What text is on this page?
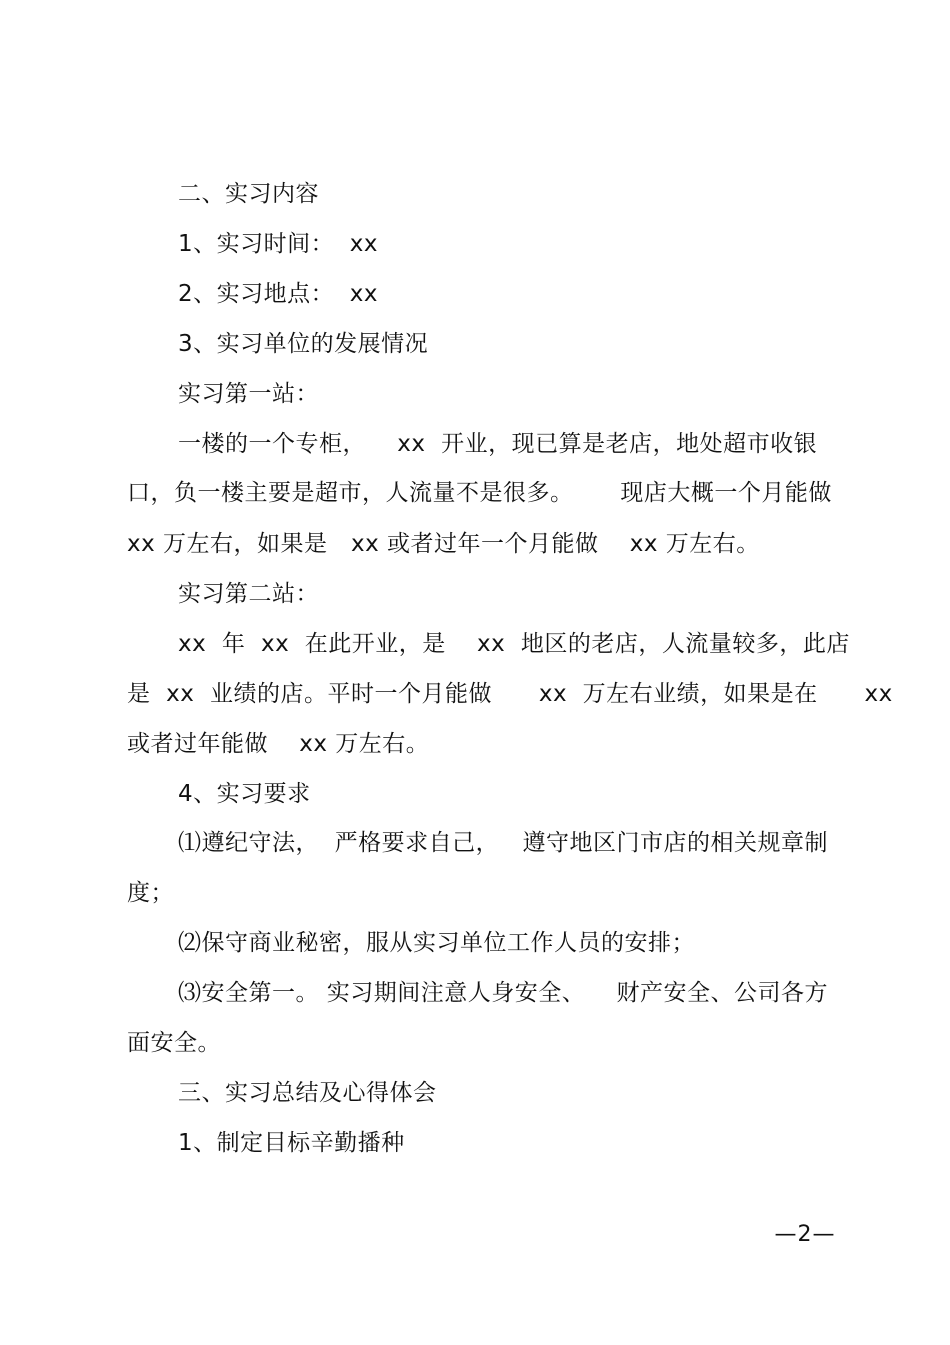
二、实习内容
1、实习时间：  xx
2、实习地点：  xx
3、实习单位的发展情况
实习第一站：
一楼的一个专柜，    xx  开业，现已算是老店，地处超市收银
口，负一楼主要是超市，人流量不是很多。      现店大概一个月能做
xx 万左右，如果是   xx 或者过年一个月能做    xx 万左右。
实习第二站：
xx  年  xx  在此开业，是    xx  地区的老店，人流量较多，此店
是  xx  业绩的店。平时一个月能做      xx  万左右业绩，如果是在      xx
或者过年能做    xx 万左右。
4、实习要求
⑴遵纪守法，  严格要求自己，   遵守地区门市店的相关规章制
度；
⑵保守商业秘密，服从实习单位工作人员的安排；
⑶安全第一。 实习期间注意人身安全、    财产安全、公司各方
面安全。
三、实习总结及心得体会
1、制定目标辛勤播种
—2—
